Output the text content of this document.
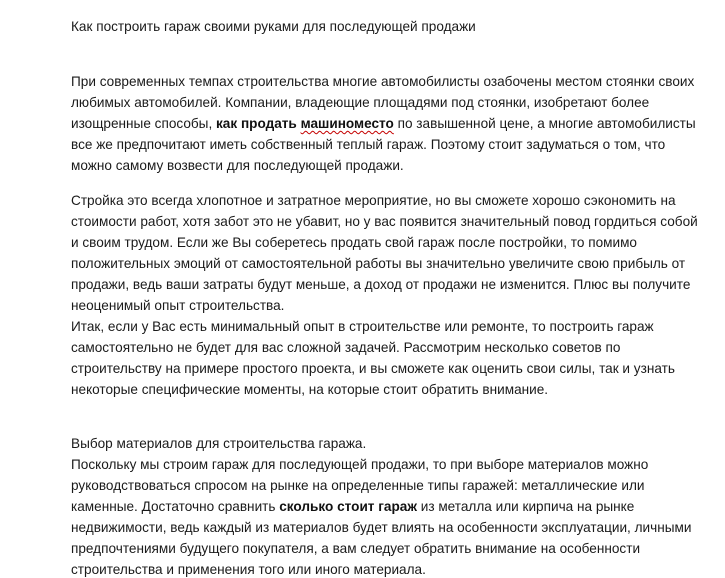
Как построить гараж своими руками для последующей продажи
При современных темпах строительства многие автомобилисты озабочены местом стоянки своих
любимых автомобилей. Компании, владеющие площадями под стоянки, изобретают более
изощренные способы, как продать машиноместо по завышенной цене, а многие автомобилисты
все же предпочитают иметь собственный теплый гараж. Поэтому стоит задуматься о том, что
можно самому возвести для последующей продажи.
Стройка это всегда хлопотное и затратное мероприятие, но вы сможете хорошо сэкономить на
стоимости работ, хотя забот это не убавит, но у вас появится значительный повод гордиться собой
и своим трудом. Если же Вы соберетесь продать свой гараж после постройки, то помимо
положительных эмоций от самостоятельной работы вы значительно увеличите свою прибыль от
продажи, ведь ваши затраты будут меньше, а доход от продажи не изменится. Плюс вы получите
неоценимый опыт строительства.
Итак, если у Вас есть минимальный опыт в строительстве или ремонте, то построить гараж
самостоятельно не будет для вас сложной задачей. Рассмотрим несколько советов по
строительству на примере простого проекта, и вы сможете как оценить свои силы, так и узнать
некоторые специфические моменты, на которые стоит обратить внимание.
Выбор материалов для строительства гаража.
Поскольку мы строим гараж для последующей продажи, то при выборе материалов можно
руководствоваться спросом на рынке на определенные типы гаражей: металлические или
каменные. Достаточно сравнить сколько стоит гараж из металла или кирпича на рынке
недвижимости, ведь каждый из материалов будет влиять на особенности эксплуатации, личными
предпочтениями будущего покупателя, а вам следует обратить внимание на особенности
строительства и применения того или иного материала.
